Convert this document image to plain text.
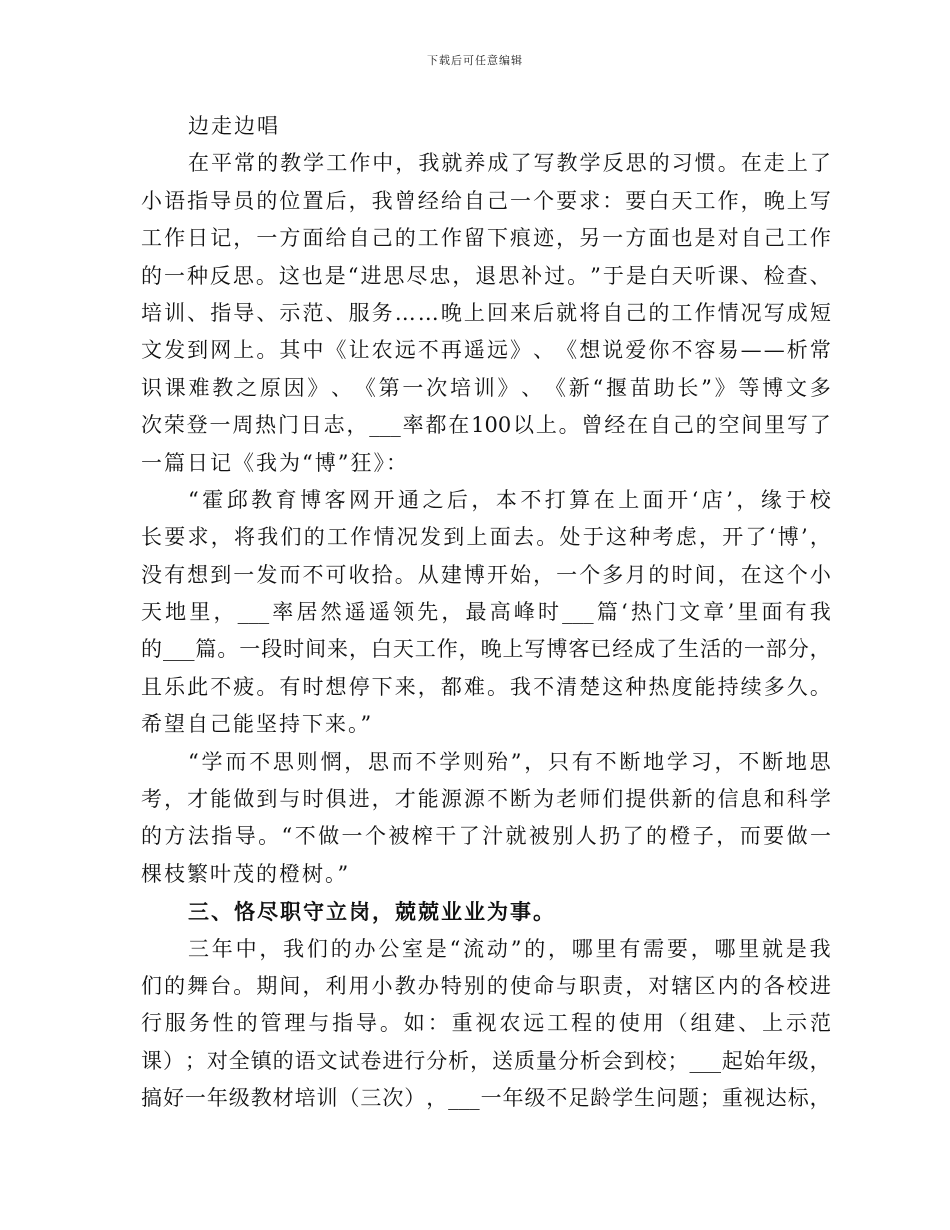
下载后可任意编辑
边走边唱
在 平 常 的 教 学 工 作 中 ， 我 就 养 成 了 写 教 学 反 思 的 习 惯 。 在 走 上 了
小 语 指 导 员 的 位 置 后 ， 我 曾 经 给 自 己 一 个 要 求 ： 要 白 天 工 作 ， 晚 上 写
工 作 日 记 ， 一 方 面 给 自 己 的 工 作 留 下 痕 迹 ， 另 一 方 面 也 是 对 自 己 工 作
的 一 种 反 思 。 这 也 是 “ 进 思 尽 忠 ， 退 思 补 过 。 ” 于 是 白 天 听 课 、 检 查 、
培 训 、 指 导 、 示 范 、 服 务 … … 晚 上 回 来 后 就 将 自 己 的 工 作 情 况 写 成 短
文 发 到 网 上 。 其 中 《 让 农 远 不 再 遥 远 》 、 《 想 说 爱 你 不 容 易 — — 析 常
识 课 难 教 之 原 因 》 、 《 第 一 次 培 训 》 、 《 新 “ 揠 苗 助 长 ” 》 等 博 文 多
次 荣 登 一 周 热 门 日 志 ， ___ 率 都 在 100 以 上 。 曾 经 在 自 己 的 空 间 里 写 了
一篇日记《我为“博”狂》：
“ 霍 邱 教 育 博 客 网 开 通 之 后 ， 本 不 打 算 在 上 面 开 ‘ 店 ’ ， 缘 于 校
长 要 求 ， 将 我 们 的 工 作 情 况 发 到 上 面 去 。 处 于 这 种 考 虑 ， 开 了 ‘ 博 ’ ，
没 有 想 到 一 发 而 不 可 收 拾 。 从 建 博 开 始 ， 一 个 多 月 的 时 间 ， 在 这 个 小
天 地 里 ， ___ 率 居 然 遥 遥 领 先 ， 最 高 峰 时 ___ 篇 ‘ 热 门 文 章 ’ 里 面 有 我
的 ___ 篇 。 一 段 时 间 来 ， 白 天 工 作 ， 晚 上 写 博 客 已 经 成 了 生 活 的 一 部 分 ，
且 乐 此 不 疲 。 有 时 想 停 下 来 ， 都 难 。 我 不 清 楚 这 种 热 度 能 持 续 多 久 。
希望自己能坚持下来。”
“ 学 而 不 思 则 惘 ， 思 而 不 学 则 殆 ” ， 只 有 不 断 地 学 习 ， 不 断 地 思
考 ， 才 能 做 到 与 时 俱 进 ， 才 能 源 源 不 断 为 老 师 们 提 供 新 的 信 息 和 科 学
的 方 法 指 导 。 “ 不 做 一 个 被 榨 干 了 汁 就 被 别 人 扔 了 的 橙 子 ， 而 要 做 一
棵枝繁叶茂的橙树。”
三、恪尽职守立岗，兢兢业业为事。
三 年 中 ， 我 们 的 办 公 室 是 “ 流 动 ” 的 ， 哪 里 有 需 要 ， 哪 里 就 是 我
们 的 舞 台 。 期 间 ， 利 用 小 教 办 特 别 的 使 命 与 职 责 ， 对 辖 区 内 的 各 校 进
行 服 务 性 的 管 理 与 指 导 。 如 ： 重 视 农 远 工 程 的 使 用 （ 组 建 、 上 示 范
课 ） ； 对 全 镇 的 语 文 试 卷 进 行 分 析 ， 送 质 量 分 析 会 到 校 ； ___ 起 始 年 级 ，
搞 好 一 年 级 教 材 培 训 （ 三 次 ） ， ___ 一 年 级 不 足 龄 学 生 问 题 ； 重 视 达 标 ，
